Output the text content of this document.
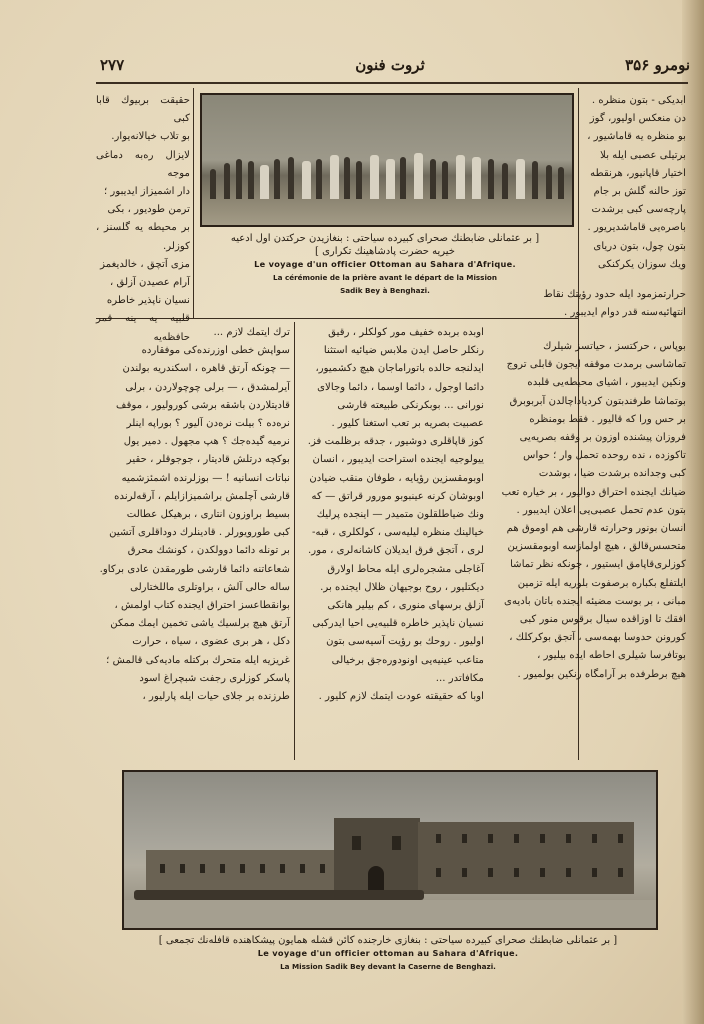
۲۷۷	ثروت فنون	نومرو ۳۵۶

ابدیكی - بتون منظره .

دن منعكس اولیور، گوز

بو منظره یه قاماشیور ،

برتیلی عصبی ایله بلا

اختیار قاپانیور، هرنقطه

توز حالنه گلش بر جام

پارچه‌سی كبی برشدت

باصره‌یی قاماشدیریور .

بتون چول، بتون دریای

ویك سوزان یكركنكی

حرارتمزمود ایله حدود رؤیتك نقاط

انتهائیه‌سنه قدر دوام ایدیبور .

بوپاس ، حركتسز ، حیاتسز شیلرك

تماشاسی برمدت موقفه ایجون قابلی تروج

ونكین ایدیبور ، اشیای محیطه‌یی قلبده

بوتماشا طرفندبتون كردیاداچالدن آبربوبرق

بر حس ورا كه قالیور . فقط بومنظره

فروزان پیشنده اوزون بر وقفه بصریه‌یی

تاكوزده ، نده روحده تحمل وار ؛ حواس

كبی وجدانده برشدت ضیا ، بوشدت

ضیانك ایجنده احتراق دوالیور ، بر خیاره تعب

بتون عدم تحمل عصبی‌یی اعلان ایدیبور .

انسان بونور وحرارته قارشی هم اوموق هم

متحسس‌قالق ، هیچ اولمازسه اوبومقسزین

كوزلری‌قاپامق ایستیور ، چونكه نظر تماشا

ایلتفلع بكباره برصفوت بلوریه ایله تزمین

مبانی ، بر بوست مضیئه ایجنده باتان بادیه‌ی

افقك تا اوزاقده سیال برقوس منور كبی

كورونن حدوسا بهمه‌سی ، آتجق بوكركلك ،

بوتافرسا شیلری احاطه ایده بیلیور ،

هیچ برطرفده بر آرامگاه رنكین بولمیور .

اوبده بربده خفیف مور كولكلر ، رقیق

رنكلر حاصل ایدن ملابس ضیائیه استثنا

ایدلنجه حالده باتوراماجان هیچ دكشمیور،

دائما اوجول ، دائما اوسما ، دائما وجالای

نورانی ... بوبكرنكی طبیعته قارشی

عصبیت بصریه بر تعب استغنا كلیور .

كوز قاپاقلری دوشیور ، جدقه برظلمت فز.

ییولوجیه ایجنده استراحت ایدیبور ، انسان

اوبومقسزین رؤیایه ، طوفان منقب ضیادن

اوبوشان كرنه عینبوبو مورور قراتق — كه

ونك ضیاطلقلون متمیدر — اینجده پرلیك

خیالینك منظره لیلیه‌سی ، كولكلری ، قبه-

لری ، آتجق فرق ایدیلان كاشانه‌لری ، مور.

آغاجلی مشجره‌لری ایله محاط اولارق

دیكتلیور ، روح بوجیهان ظلال ایجنده بر.

آزلق برسهای منوری ، كم بیلیر هانكی

نسیان ناپذیر خاطره قلبیه‌یی احیا ایدركبی

اولیور . روحك بو رؤیت آسیه‌سی بتون

متاعب عینیه‌یی اونودوره‌جق برخیالی

مكافاتدر ...

اوبا كه حقیقته عودت ایتمك لازم كلیور .

حقیقت بربیوك قابا كبی

بو تلاب خیالانه‌یوار.

لایزال ره‌به دماغی موجه

دار اشمیزاز ایدیبور ؛

ترمن طودیور ، بكی

بر محیطه یه گلسنز ، كوزلر.

مزی آتچق ، خالدیغمز

آرام عصیدن آزلق ،

نسیان ناپذیر خاطره

قلبیه یه ینه قمر حافظه‌یه	ترك ایتمك لازم ...

سواپش خطی اوزرنده‌كی موفقارده

— چونكه آرتق قاهره ، اسكندریه بولندن

آیرلمشدق ، — برلی چوچولاردن ، برلی

قاديتلاردن باشقه برشی كوروليور ، موقف

نره‌ده ؟ بیلت نره‌دن آلیور ؟ بوراپه اینلر

نرمیه گیده‌جك ؟ هپ مجهول . دمیر یول

بوكچه درتلش قاديتار ، جوجوقلر ، حقیر

نباتات انسانیه ! — بوزلرنده اشمئزشمیه

قارشی آچلمش براشمیزازایلم ، آرقه‌لرنده

بسیط براوزون انتاری ، برهیكل عطالت

كبی طورویورلر . قادینلرك دوداقلری آتشین

بر تونله دائما دوولكدن ، كونشك محرق

شعاعاتنه دائما قارشی طورمقدن عادی بركاو.

ساله حالی آلش ، براوتلری ماللختارلی

بوانقطاعسز احتراق ایجنده كتاب اولمش ،

آرتق هیچ برلسیك یاشی تخمین ایمك ممكن

دكل ، هر بری عضوی ، سیاه ، حرارت

غریزیه ایله متحرك بركتله مادیه‌كی قالمش ؛

پاسكر كوزلری رجفت شبچراغ اسود

طرزنده بر جلای حیات ایله پارلیور ،

[ بر عثمانلی ضابطنك صحرای كبیرده سیاحتی : بنغازیدن حركتدن اول ادعیه
خیریه حضرت پادشاهینك تكراری ]
Le voyage d'un officier Ottoman au Sahara d'Afrique.
La cérémonie de la prière avant le départ de la Mission
Sadik Bey à Benghazi.
[ بر عثمانلی ضابطنك صحرای كبیرده سیاحتی : بنغازی خارجنده كائن قشله همایون پیشكاهنده قافله‌نك تجمعی ]
Le voyage d'un officier ottoman au Sahara d'Afrique.
La Mission Sadik Bey devant la Caserne de Benghazi.
